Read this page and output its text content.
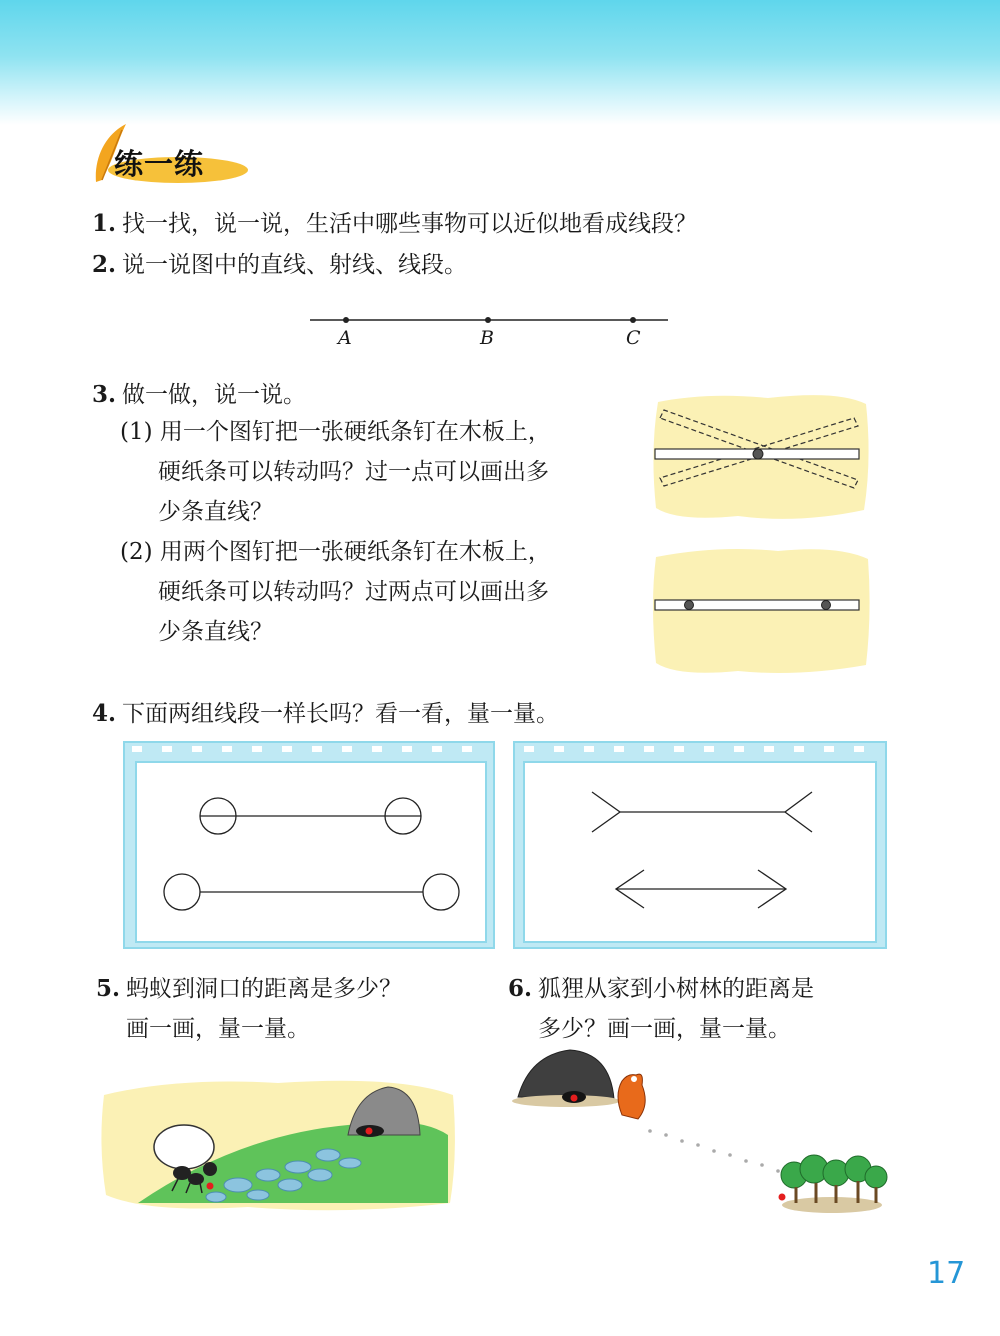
练一练
1. 找一找，说一说，生活中哪些事物可以近似地看成线段？
2. 说一说图中的直线、射线、线段。
A	B	C
3. 做一做，说一说。
(1) 用一个图钉把一张硬纸条钉在木板上，
硬纸条可以转动吗？过一点可以画出多
少条直线？
(2) 用两个图钉把一张硬纸条钉在木板上，
硬纸条可以转动吗？过两点可以画出多
少条直线？
4. 下面两组线段一样长吗？看一看，量一量。
5. 蚂蚁到洞口的距离是多少？
画一画，量一量。
6. 狐狸从家到小树林的距离是
多少？画一画，量一量。
17
